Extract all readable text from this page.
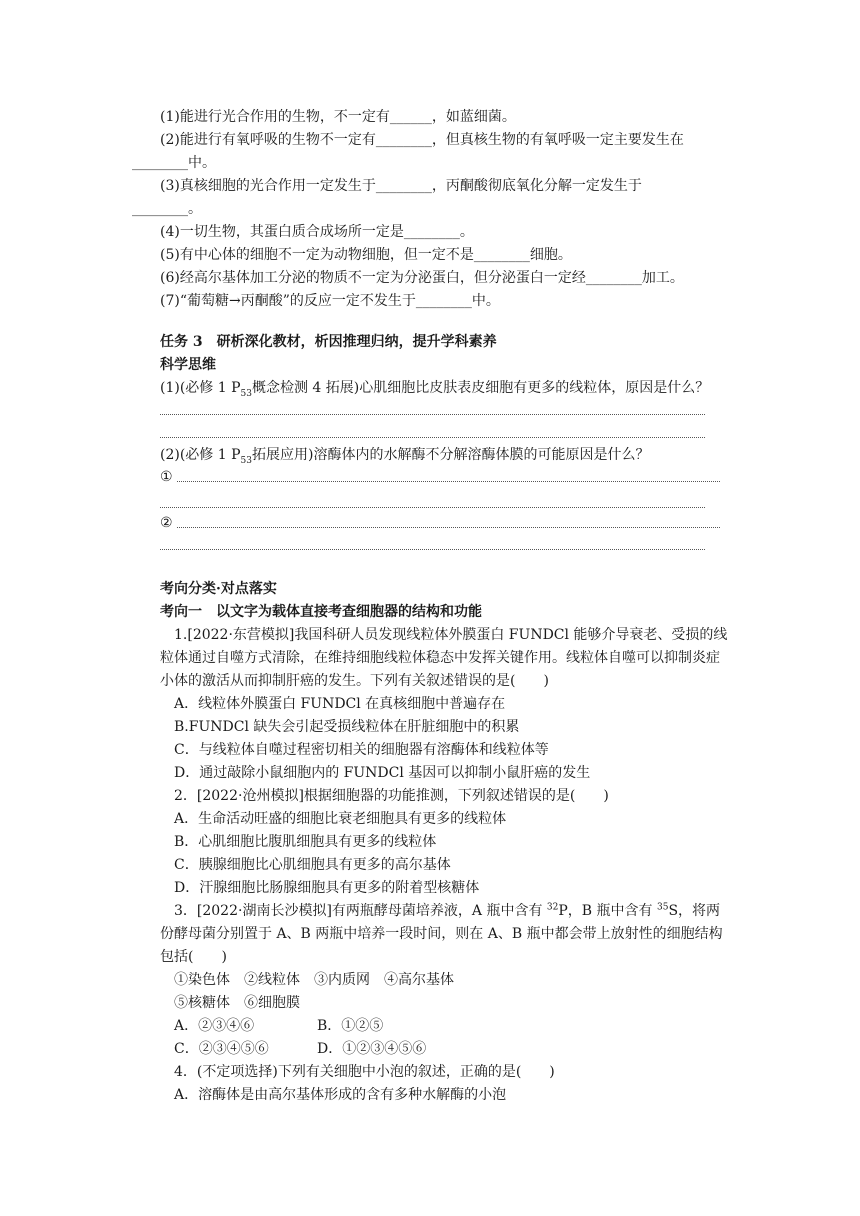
(1)能进行光合作用的生物，不一定有______，如蓝细菌。
(2)能进行有氧呼吸的生物不一定有________，但真核生物的有氧呼吸一定主要发生在
________中。
(3)真核细胞的光合作用一定发生于________，丙酮酸彻底氧化分解一定发生于
________。
(4)一切生物，其蛋白质合成场所一定是________。
(5)有中心体的细胞不一定为动物细胞，但一定不是________细胞。
(6)经高尔基体加工分泌的物质不一定为分泌蛋白，但分泌蛋白一定经________加工。
(7)“葡萄糖→丙酮酸”的反应一定不发生于________中。
任务 3　研析深化教材，析因推理归纳，提升学科素养
科学思维
(1)(必修 1 $P_{53}$概念检测 4 拓展)心肌细胞比皮肤表皮细胞有更多的线粒体，原因是什么？
(2)(必修 1 $P_{53}$拓展应用)溶酶体内的水解酶不分解溶酶体膜的可能原因是什么？
①
②
考向分类·对点落实
考向一　以文字为载体直接考查细胞器的结构和功能
1.[2022·东营模拟]我国科研人员发现线粒体外膜蛋白 FUNDCl 能够介导衰老、受损的线
粒体通过自噬方式清除，在维持细胞线粒体稳态中发挥关键作用。线粒体自噬可以抑制炎症
小体的激活从而抑制肝癌的发生。下列有关叙述错误的是(　　)
A．线粒体外膜蛋白 FUNDCl 在真核细胞中普遍存在
B.FUNDCl 缺失会引起受损线粒体在肝脏细胞中的积累
C．与线粒体自噬过程密切相关的细胞器有溶酶体和线粒体等
D．通过敲除小鼠细胞内的 FUNDCl 基因可以抑制小鼠肝癌的发生
2．[2022·沧州模拟]根据细胞器的功能推测，下列叙述错误的是(　　)
A．生命活动旺盛的细胞比衰老细胞具有更多的线粒体
B．心肌细胞比腹肌细胞具有更多的线粒体
C．胰腺细胞比心肌细胞具有更多的高尔基体
D．汗腺细胞比肠腺细胞具有更多的附着型核糖体
3．[2022·湖南长沙模拟]有两瓶酵母菌培养液，A 瓶中含有 $^{32}$P，B 瓶中含有 $^{35}$S，将两
份酵母菌分别置于 A、B 两瓶中培养一段时间，则在 A、B 瓶中都会带上放射性的细胞结构
包括(　　)
①染色体　②线粒体　③内质网　④高尔基体
⑤核糖体　⑥细胞膜
A．②③④⑥	B．①②⑤
C．②③④⑤⑥	D．①②③④⑤⑥
4．(不定项选择)下列有关细胞中小泡的叙述，正确的是(　　)
A．溶酶体是由高尔基体形成的含有多种水解酶的小泡
